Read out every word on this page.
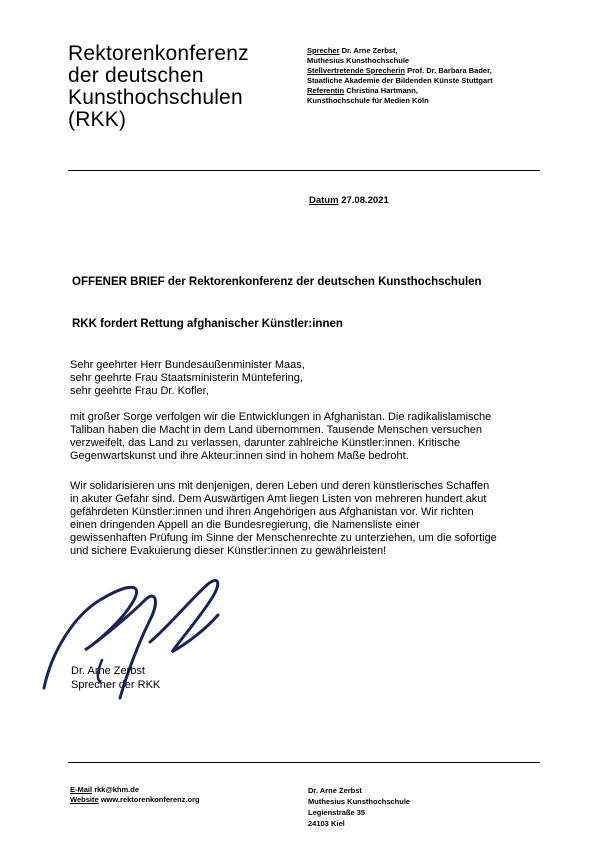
Rektorenkonferenz
der deutschen
Kunsthochschulen
(RKK)
Sprecher Dr. Arne Zerbst,
Muthesius Kunsthochschule
Stellvertretende Sprecherin Prof. Dr. Barbara Bader,
Staatliche Akademie der Bildenden Künste Stuttgart
Referentin Christina Hartmann,
Kunsthochschule für Medien Köln
Datum 27.08.2021
OFFENER BRIEF der Rektorenkonferenz der deutschen Kunsthochschulen
RKK fordert Rettung afghanischer Künstler:innen
Sehr geehrter Herr Bundesaußenminister Maas,
sehr geehrte Frau Staatsministerin Müntefering,
sehr geehrte Frau Dr. Kofler,
mit großer Sorge verfolgen wir die Entwicklungen in Afghanistan. Die radikalislamische
Taliban haben die Macht in dem Land übernommen. Tausende Menschen versuchen
verzweifelt, das Land zu verlassen, darunter zahlreiche Künstler:innen. Kritische
Gegenwartskunst und ihre Akteur:innen sind in hohem Maße bedroht.
Wir solidarisieren uns mit denjenigen, deren Leben und deren künstlerisches Schaffen
in akuter Gefahr sind. Dem Auswärtigen Amt liegen Listen von mehreren hundert akut
gefährdeten Künstler:innen und ihren Angehörigen aus Afghanistan vor. Wir richten
einen dringenden Appell an die Bundesregierung, die Namensliste einer
gewissenhaften Prüfung im Sinne der Menschenrechte zu unterziehen, um die sofortige
und sichere Evakuierung dieser Künstler:innen zu gewährleisten!
Dr. Arne Zerbst
Sprecher der RKK
E-Mail rkk@khm.de
Website www.rektorenkonferenz.org
Dr. Arne Zerbst
Muthesius Kunsthochschule
Legienstraße 35
24103 Kiel
